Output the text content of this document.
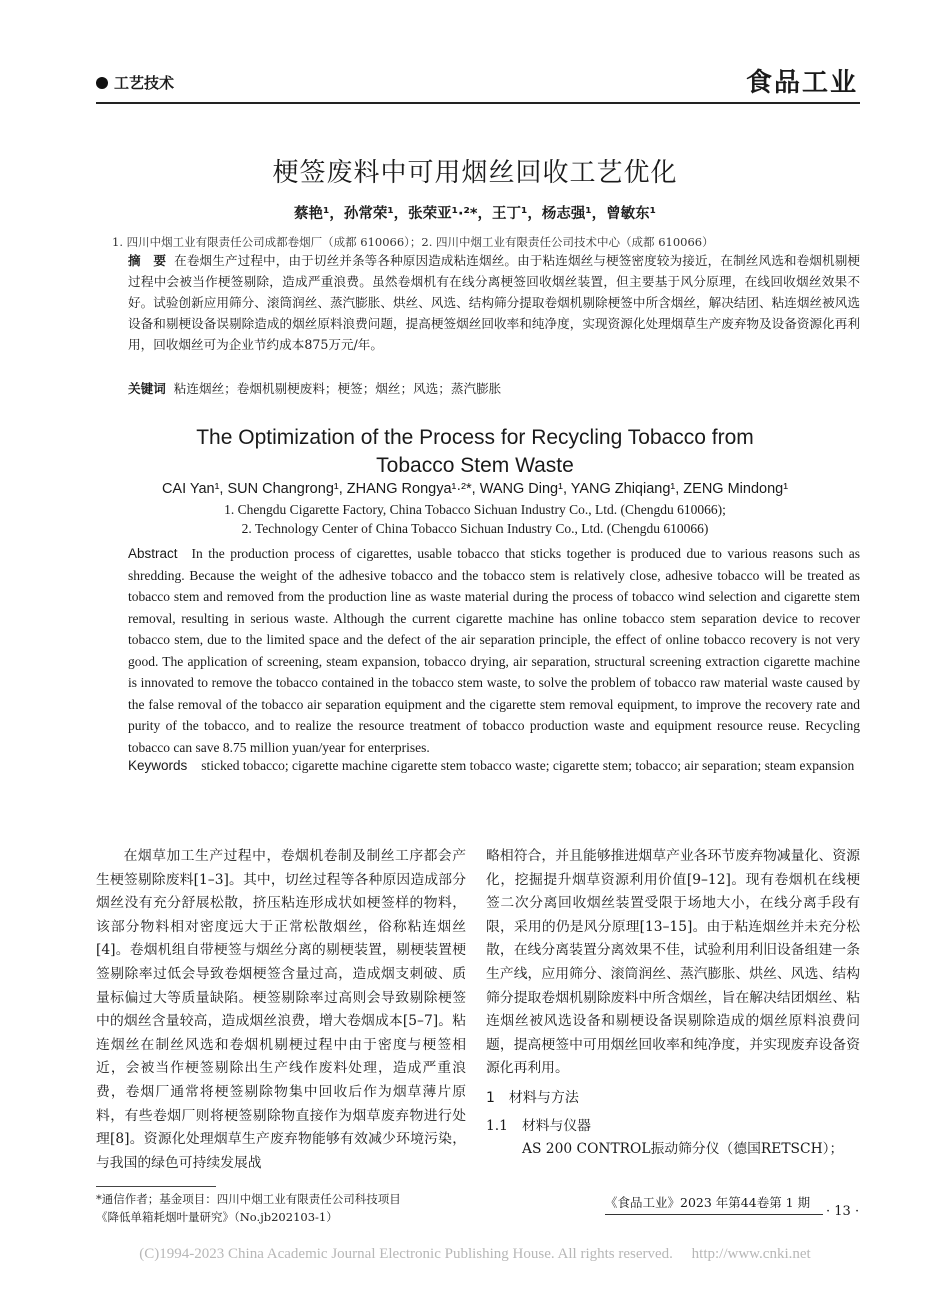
工艺技术	食品工业
梗签废料中可用烟丝回收工艺优化
蔡艳¹，孙常荣¹，张荣亚¹·²*，王丁¹，杨志强¹，曾敏东¹
1. 四川中烟工业有限责任公司成都卷烟厂（成都 610066）；2. 四川中烟工业有限责任公司技术中心（成都 610066）
摘　要 在卷烟生产过程中，由于切丝并条等各种原因造成粘连烟丝。由于粘连烟丝与梗签密度较为接近，在制丝风选和卷烟机剔梗过程中会被当作梗签剔除，造成严重浪费。虽然卷烟机有在线分离梗签回收烟丝装置，但主要基于风分原理，在线回收烟丝效果不好。试验创新应用筛分、滚筒润丝、蒸汽膨胀、烘丝、风选、结构筛分提取卷烟机剔除梗签中所含烟丝，解决结团、粘连烟丝被风选设备和剔梗设备误剔除造成的烟丝原料浪费问题，提高梗签烟丝回收率和纯净度，实现资源化处理烟草生产废弃物及设备资源化再利用，回收烟丝可为企业节约成本875万元/年。
关键词 粘连烟丝；卷烟机剔梗废料；梗签；烟丝；风选；蒸汽膨胀
The Optimization of the Process for Recycling Tobacco from
Tobacco Stem Waste
CAI Yan¹, SUN Changrong¹, ZHANG Rongya¹·²*, WANG Ding¹, YANG Zhiqiang¹, ZENG Mindong¹
1. Chengdu Cigarette Factory, China Tobacco Sichuan Industry Co., Ltd. (Chengdu 610066);
2. Technology Center of China Tobacco Sichuan Industry Co., Ltd. (Chengdu 610066)
Abstract In the production process of cigarettes, usable tobacco that sticks together is produced due to various reasons such as shredding. Because the weight of the adhesive tobacco and the tobacco stem is relatively close, adhesive tobacco will be treated as tobacco stem and removed from the production line as waste material during the process of tobacco wind selection and cigarette stem removal, resulting in serious waste. Although the current cigarette machine has online tobacco stem separation device to recover tobacco stem, due to the limited space and the defect of the air separation principle, the effect of online tobacco recovery is not very good. The application of screening, steam expansion, tobacco drying, air separation, structural screening extraction cigarette machine is innovated to remove the tobacco contained in the tobacco stem waste, to solve the problem of tobacco raw material waste caused by the false removal of the tobacco air separation equipment and the cigarette stem removal equipment, to improve the recovery rate and purity of the tobacco, and to realize the resource treatment of tobacco production waste and equipment resource reuse. Recycling tobacco can save 8.75 million yuan/year for enterprises.
Keywords sticked tobacco; cigarette machine cigarette stem tobacco waste; cigarette stem; tobacco; air separation; steam expansion

在烟草加工生产过程中，卷烟机卷制及制丝工序都会产生梗签剔除废料[1–3]。其中，切丝过程等各种原因造成部分烟丝没有充分舒展松散，挤压粘连形成状如梗签样的物料，该部分物料相对密度远大于正常松散烟丝，俗称粘连烟丝[4]。卷烟机组自带梗签与烟丝分离的剔梗装置，剔梗装置梗签剔除率过低会导致卷烟梗签含量过高，造成烟支刺破、质量标偏过大等质量缺陷。梗签剔除率过高则会导致剔除梗签中的烟丝含量较高，造成烟丝浪费，增大卷烟成本[5–7]。粘连烟丝在制丝风选和卷烟机剔梗过程中由于密度与梗签相近，会被当作梗签剔除出生产线作废料处理，造成严重浪费，卷烟厂通常将梗签剔除物集中回收后作为烟草薄片原料，有些卷烟厂则将梗签剔除物直接作为烟草废弃物进行处理[8]。资源化处理烟草生产废弃物能够有效减少环境污染，与我国的绿色可持续发展战

略相符合，并且能够推进烟草产业各环节废弃物减量化、资源化，挖掘提升烟草资源利用价值[9–12]。现有卷烟机在线梗签二次分离回收烟丝装置受限于场地大小，在线分离手段有限，采用的仍是风分原理[13–15]。由于粘连烟丝并未充分松散，在线分离装置分离效果不佳，试验利用利旧设备组建一条生产线，应用筛分、滚筒润丝、蒸汽膨胀、烘丝、风选、结构筛分提取卷烟机剔除废料中所含烟丝，旨在解决结团烟丝、粘连烟丝被风选设备和剔梗设备误剔除造成的烟丝原料浪费问题，提高梗签中可用烟丝回收率和纯净度，并实现废弃设备资源化再利用。

1 材料与方法

1.1 材料与仪器

AS 200 CONTROL振动筛分仪（德国RETSCH）；

*通信作者；基金项目：四川中烟工业有限责任公司科技项目
《降低单箱耗烟叶量研究》（No.jb202103-1）
《食品工业》2023 年第44卷第 1 期
· 13 ·
(C)1994-2023 China Academic Journal Electronic Publishing House. All rights reserved.　 http://www.cnki.net
